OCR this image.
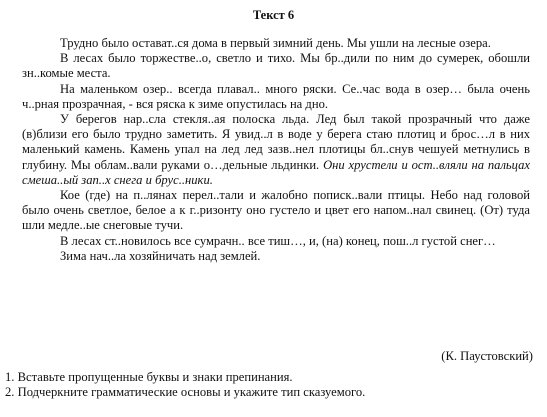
Текст 6

Трудно было остават..ся дома в первый зимний день. Мы ушли на лесные озера.

В лесах было торжестве..о, светло и тихо. Мы бр..дили по ним до сумерек, обошли зн..комые места.

На маленьком озер.. всегда плавал.. много ряски. Се..час вода в озер… была очень ч..рная прозрачная, - вся ряска к зиме опустилась на дно.

У берегов нар..сла стекля..ая полоска льда. Лед был такой прозрачный что даже (в)близи его было трудно заметить. Я увид..л в воде у берега стаю плотиц и брос…л в них маленький камень. Камень упал на лед лед зазв..нел плотицы бл..снув чешуей метнулись в глубину. Мы облам..вали руками о…дельные льдинки. Они хрустели и ост..вляли на пальцах смеша..ый зап..х снега и брус..ники.

Кое (где) на п..лянах перел..тали и жалобно пописк..вали птицы. Небо над головой было очень светлое, белое а к г..ризонту оно густело и цвет его напом..нал свинец. (От) туда шли медле..ые снеговые тучи.

В лесах ст..новилось все сумрачн.. все тиш…, и, (на) конец, пош..л густой снег…

Зима нач..ла хозяйничать над землей.

(К. Паустовский)

1. Вставьте пропущенные буквы и знаки препинания.

2. Подчеркните грамматические основы и укажите тип сказуемого.
